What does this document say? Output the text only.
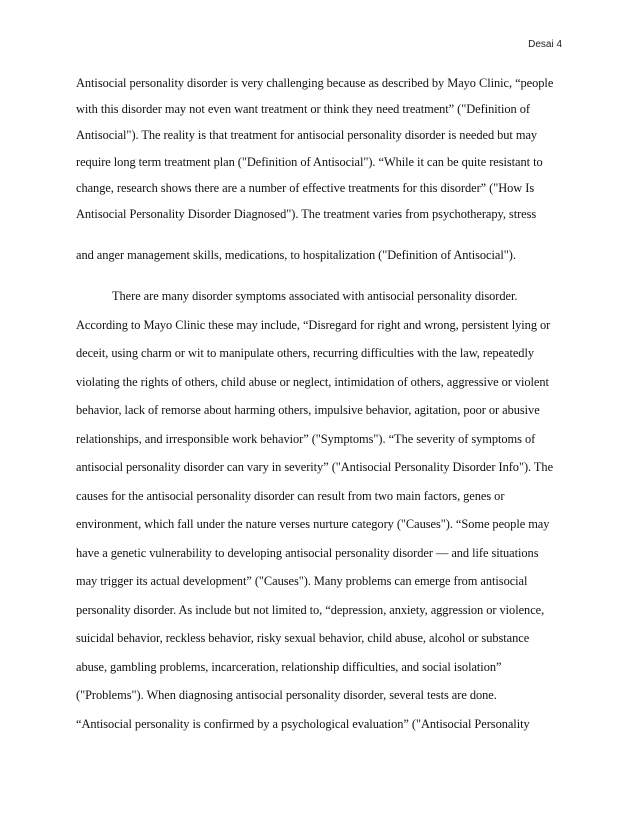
Desai 4

Antisocial personality disorder is very challenging because as described by Mayo Clinic, “people

with this disorder may not even want treatment or think they need treatment” ("Definition of

Antisocial"). The reality is that treatment for antisocial personality disorder is needed but may

require long term treatment plan ("Definition of Antisocial"). “While it can be quite resistant to

change, research shows there are a number of effective treatments for this disorder” ("How Is

Antisocial Personality Disorder Diagnosed"). The treatment varies from psychotherapy, stress

and anger management skills, medications, to hospitalization ("Definition of Antisocial").

There are many disorder symptoms associated with antisocial personality disorder.

According to Mayo Clinic these may include, “Disregard for right and wrong, persistent lying or

deceit, using charm or wit to manipulate others, recurring difficulties with the law, repeatedly

violating the rights of others, child abuse or neglect, intimidation of others, aggressive or violent

behavior, lack of remorse about harming others, impulsive behavior, agitation, poor or abusive

relationships, and irresponsible work behavior” ("Symptoms"). “The severity of symptoms of

antisocial personality disorder can vary in severity” ("Antisocial Personality Disorder Info"). The

causes for the antisocial personality disorder can result from two main factors, genes or

environment, which fall under the nature verses nurture category ("Causes"). “Some people may

have a genetic vulnerability to developing antisocial personality disorder — and life situations

may trigger its actual development” ("Causes"). Many problems can emerge from antisocial

personality disorder. As include but not limited to, “depression, anxiety, aggression or violence,

suicidal behavior, reckless behavior, risky sexual behavior, child abuse, alcohol or substance

abuse, gambling problems, incarceration, relationship difficulties, and social isolation”

("Problems"). When diagnosing antisocial personality disorder, several tests are done.

“Antisocial personality is confirmed by a psychological evaluation” ("Antisocial Personality
